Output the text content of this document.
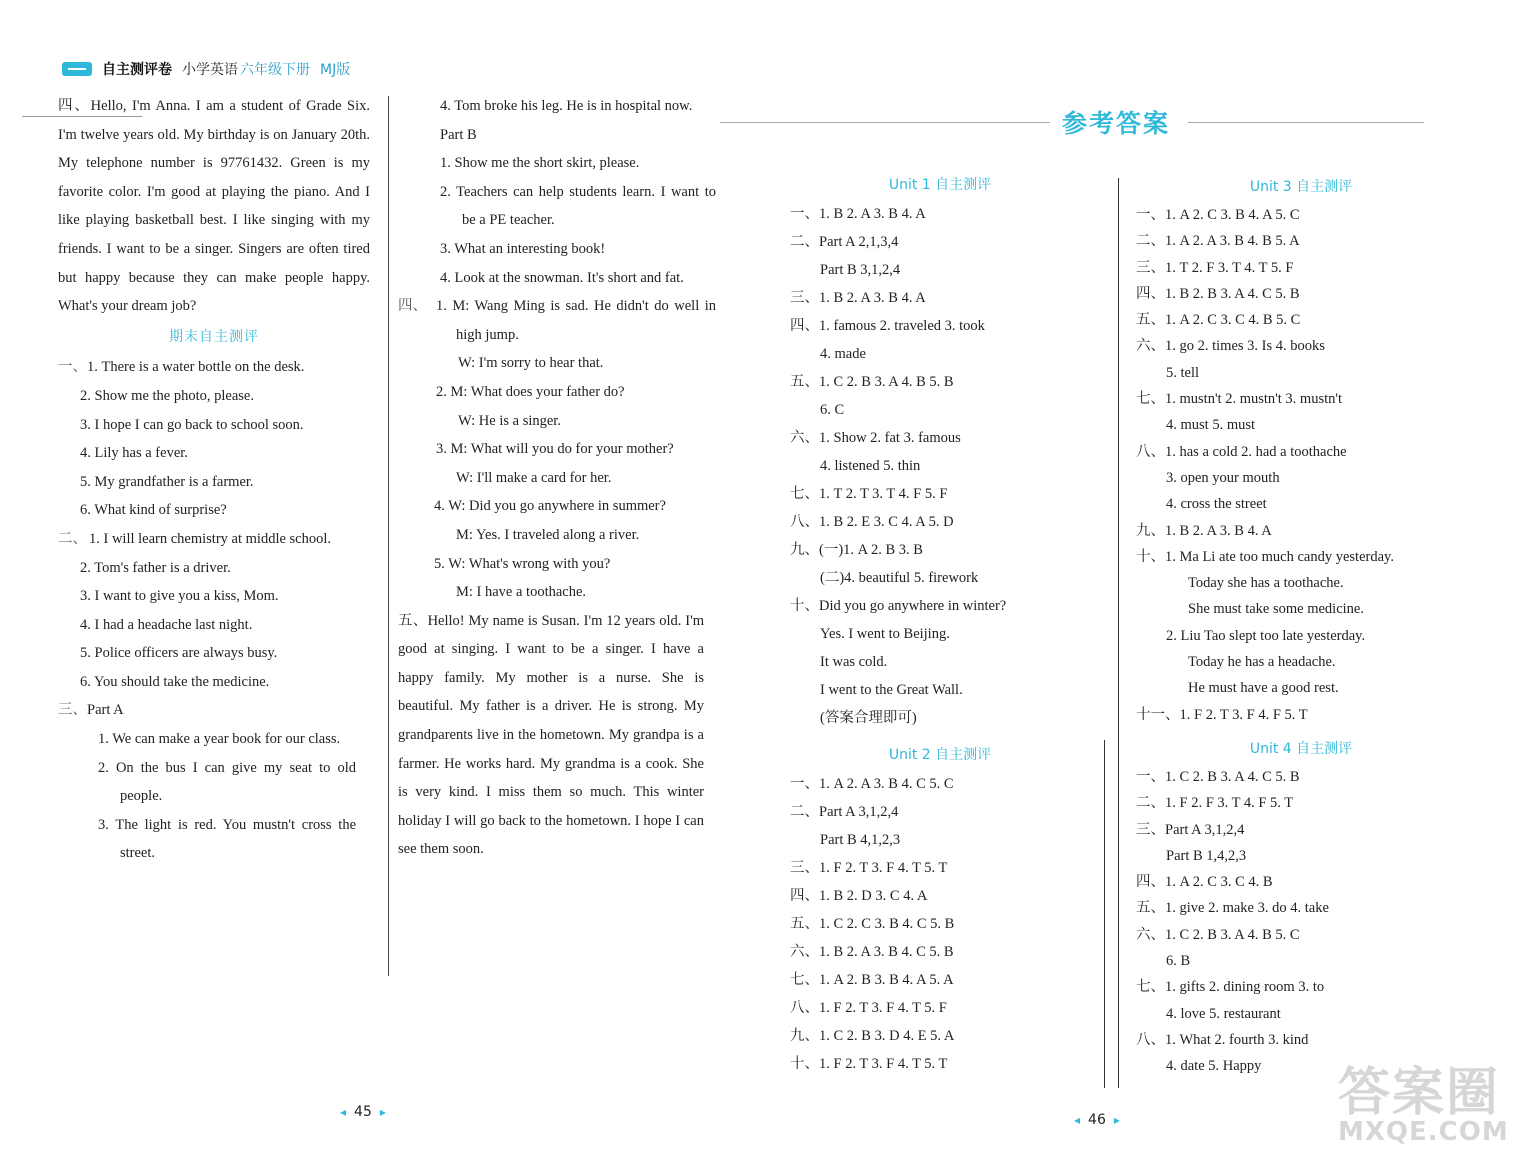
自主测评卷 小学英语 六年级下册 MJ版

四、Hello, I'm Anna. I am a student of Grade Six. I'm twelve years old. My birthday is on January 20th. My telephone number is 97761432. Green is my favorite color. I'm good at playing the piano. And I like playing basketball best. I like singing with my friends. I want to be a singer. Singers are often tired but happy because they can make people happy. What's your dream job?

期末自主测评
一、1. There is a water bottle on the desk.
2. Show me the photo, please.
3. I hope I can go back to school soon.
4. Lily has a fever.
5. My grandfather is a farmer.
6. What kind of surprise?
二、 1. I will learn chemistry at middle school.
2. Tom's father is a driver.
3. I want to give you a kiss, Mom.
4. I had a headache last night.
5. Police officers are always busy.
6. You should take the medicine.
三、Part A
1. We can make a year book for our class.
2. On the bus I can give my seat to old people.
3. The light is red. You mustn't cross the street.
4. Tom broke his leg. He is in hospital now.
Part B
1. Show me the short skirt, please.
2. Teachers can help students learn. I want to be a PE teacher.
3. What an interesting book!
4. Look at the snowman. It's short and fat.
四、 1. M: Wang Ming is sad. He didn't do well in high jump.
W: I'm sorry to hear that.
2. M: What does your father do?
W: He is a singer.
3. M: What will you do for your mother?
W: I'll make a card for her.
4. W: Did you go anywhere in summer?
M: Yes. I traveled along a river.
5. W: What's wrong with you?
M: I have a toothache.

五、Hello! My name is Susan. I'm 12 years old. I'm good at singing. I want to be a singer. I have a happy family. My mother is a nurse. She is beautiful. My father is a driver. He is strong. My grandparents live in the hometown. My grandpa is a farmer. He works hard. My grandma is a cook. She is very kind. I miss them so much. This winter holiday I will go back to the hometown. I hope I can see them soon.

◂ 45 ▸
参考答案
Unit 1 自主测评
一、1. B 2. A 3. B 4. A
二、Part A 2,1,3,4
Part B 3,1,2,4
三、1. B 2. A 3. B 4. A
四、1. famous 2. traveled 3. took
4. made
五、1. C 2. B 3. A 4. B 5. B
6. C
六、1. Show 2. fat 3. famous
4. listened 5. thin
七、1. T 2. T 3. T 4. F 5. F
八、1. B 2. E 3. C 4. A 5. D
九、(一)1. A 2. B 3. B
(二)4. beautiful 5. firework
十、Did you go anywhere in winter?
Yes. I went to Beijing.
It was cold.
I went to the Great Wall.
(答案合理即可)
Unit 2 自主测评
一、1. A 2. A 3. B 4. C 5. C
二、Part A 3,1,2,4
Part B 4,1,2,3
三、1. F 2. T 3. F 4. T 5. T
四、1. B 2. D 3. C 4. A
五、1. C 2. C 3. B 4. C 5. B
六、1. B 2. A 3. B 4. C 5. B
七、1. A 2. B 3. B 4. A 5. A
八、1. F 2. T 3. F 4. T 5. F
九、1. C 2. B 3. D 4. E 5. A
十、1. F 2. T 3. F 4. T 5. T
Unit 3 自主测评
一、1. A 2. C 3. B 4. A 5. C
二、1. A 2. A 3. B 4. B 5. A
三、1. T 2. F 3. T 4. T 5. F
四、1. B 2. B 3. A 4. C 5. B
五、1. A 2. C 3. C 4. B 5. C
六、1. go 2. times 3. Is 4. books
5. tell
七、1. mustn't 2. mustn't 3. mustn't
4. must 5. must
八、1. has a cold 2. had a toothache
3. open your mouth
4. cross the street
九、1. B 2. A 3. B 4. A
十、1. Ma Li ate too much candy yesterday.
Today she has a toothache.
She must take some medicine.
2. Liu Tao slept too late yesterday.
Today he has a headache.
He must have a good rest.
十一、1. F 2. T 3. F 4. F 5. T
Unit 4 自主测评
一、1. C 2. B 3. A 4. C 5. B
二、1. F 2. F 3. T 4. F 5. T
三、Part A 3,1,2,4
Part B 1,4,2,3
四、1. A 2. C 3. C 4. B
五、1. give 2. make 3. do 4. take
六、1. C 2. B 3. A 4. B 5. C
6. B
七、1. gifts 2. dining room 3. to
4. love 5. restaurant
八、1. What 2. fourth 3. kind
4. date 5. Happy
◂ 46 ▸	答案圈
MXQE.COM
